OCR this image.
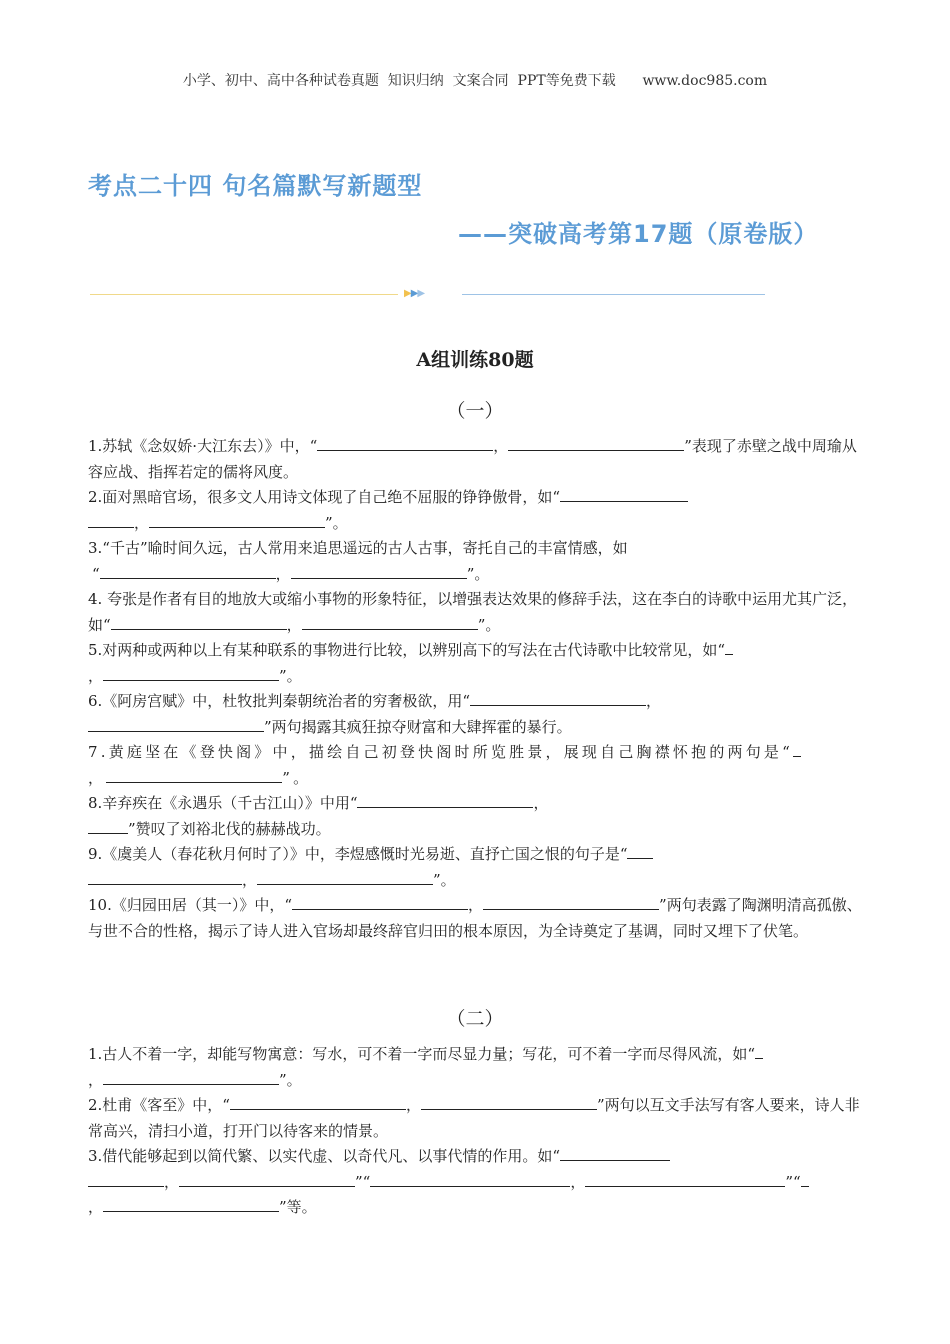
小学、初中、高中各种试卷真题  知识归纳  文案合同  PPT等免费下载      www.doc985.com
考点二十四 句名篇默写新题型
——突破高考第17题（原卷版）
▶▶▶
A组训练80题
（一）

1.苏轼《念奴娇·大江东去）》中，“	，	”表现了赤壁之战中周瑜从容应战、指挥若定的儒将风度。

2.面对黑暗官场，很多文人用诗文体现了自己绝不屈服的铮铮傲骨，如“
，	”。

3.“千古”喻时间久远，古人常用来追思遥远的古人古事，寄托自己的丰富情感，如
“	，	”。

4. 夸张是作者有目的地放大或缩小事物的形象特征，以增强表达效果的修辞手法，这在李白的诗歌中运用尤其广泛，如“	，	”。

5.对两种或两种以上有某种联系的事物进行比较，以辨别高下的写法在古代诗歌中比较常见，如“
，	”。

6.《阿房宫赋》中，杜牧批判秦朝统治者的穷奢极欲，用“	，
”两句揭露其疯狂掠夺财富和大肆挥霍的暴行。

7.黄庭坚在《登快阁》中，描绘自己初登快阁时所览胜景，展现自己胸襟怀抱的两句是“
，	”。

8.辛弃疾在《永遇乐（千古江山）》中用“	，
”赞叹了刘裕北伐的赫赫战功。

9.《虞美人（春花秋月何时了）》中，李煜感慨时光易逝、直抒亡国之恨的句子是“
，	”。

10.《归园田居（其一）》中，“	，	”两句表露了陶渊明清高孤傲、与世不合的性格，揭示了诗人进入官场却最终辞官归田的根本原因，为全诗奠定了基调，同时又埋下了伏笔。

（二）

1.古人不着一字，却能写物寓意：写水，可不着一字而尽显力量；写花，可不着一字而尽得风流，如“
，	”。

2.杜甫《客至》中，“	，	”两句以互文手法写有客人要来，诗人非常高兴，清扫小道，打开门以待客来的情景。

3.借代能够起到以简代繁、以实代虚、以奇代凡、以事代情的作用。如“
，	”“	，	”“
，	”等。
